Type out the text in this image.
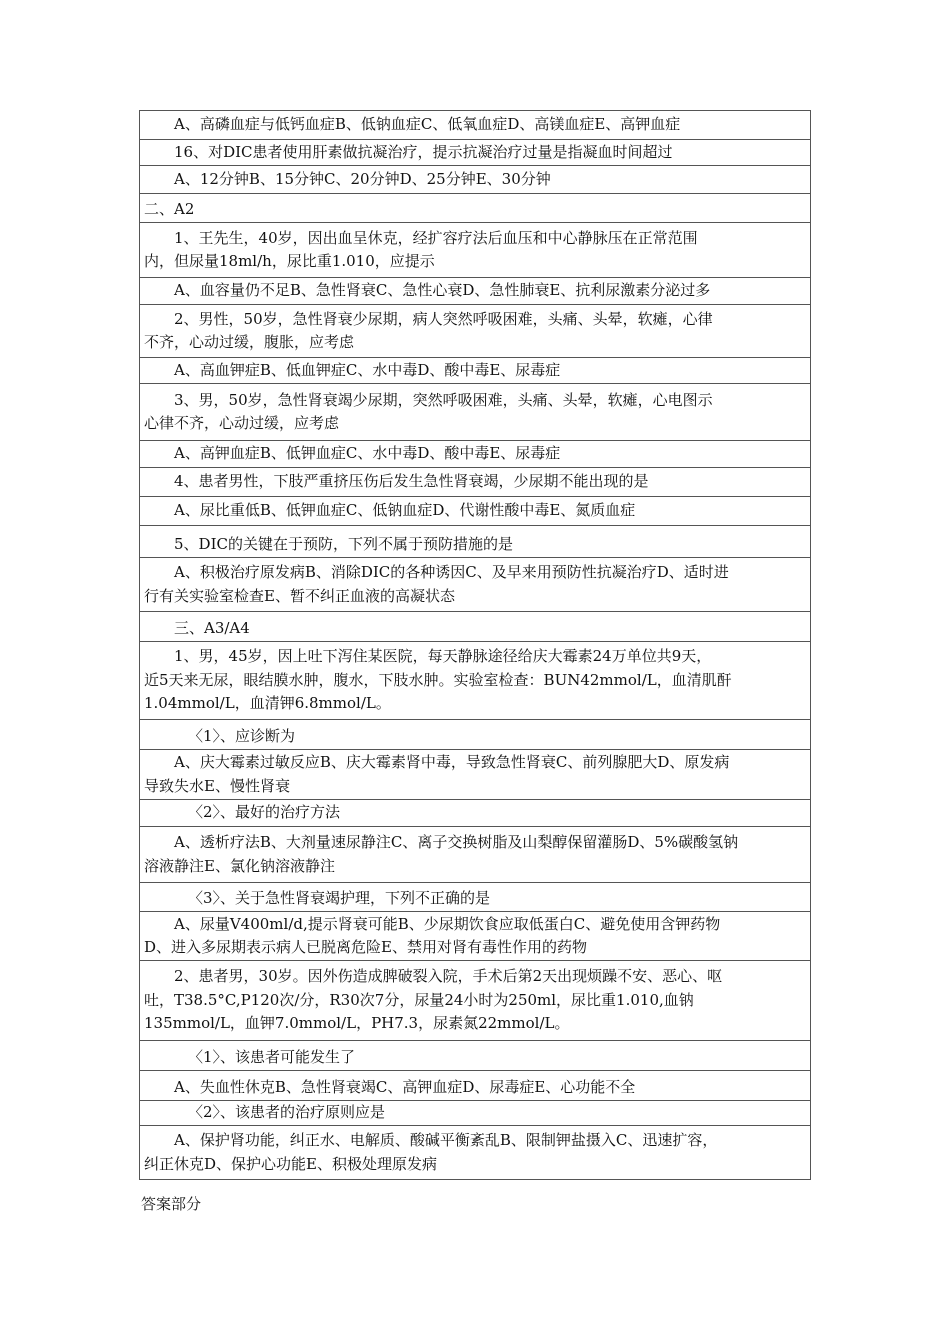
A、高磷血症与低钙血症B、低钠血症C、低氧血症D、高镁血症E、高钾血症
16、对DIC患者使用肝素做抗凝治疗，提示抗凝治疗过量是指凝血时间超过
A、12分钟B、15分钟C、20分钟D、25分钟E、30分钟
二、A2
1、王先生，40岁，因出血呈休克，经扩容疗法后血压和中心静脉压在正常范围
内，但尿量18ml/h，尿比重1.010，应提示
A、血容量仍不足B、急性肾衰C、急性心衰D、急性肺衰E、抗利尿激素分泌过多
2、男性，50岁，急性肾衰少尿期，病人突然呼吸困难，头痛、头晕，软瘫，心律
不齐，心动过缓，腹胀，应考虑
A、高血钾症B、低血钾症C、水中毒D、酸中毒E、尿毒症
3、男，50岁，急性肾衰竭少尿期，突然呼吸困难，头痛、头晕，软瘫，心电图示
心律不齐，心动过缓，应考虑
A、高钾血症B、低钾血症C、水中毒D、酸中毒E、尿毒症
4、患者男性，下肢严重挤压伤后发生急性肾衰竭，少尿期不能出现的是
A、尿比重低B、低钾血症C、低钠血症D、代谢性酸中毒E、氮质血症
5、DIC的关键在于预防，下列不属于预防措施的是
A、积极治疗原发病B、消除DIC的各种诱因C、及早来用预防性抗凝治疗D、适时进
行有关实验室检查E、暂不纠正血液的高凝状态
三、A3/A4
1、男，45岁，因上吐下泻住某医院，每天静脉途径给庆大霉素24万单位共9天，
近5天来无尿，眼结膜水肿，腹水，下肢水肿。实验室检查：BUN42mmol/L，血清肌酐
1.04mmol/L，血清钾6.8mmol/L。
〈1〉、应诊断为
A、庆大霉素过敏反应B、庆大霉素肾中毒，导致急性肾衰C、前列腺肥大D、原发病
导致失水E、慢性肾衰
〈2〉、最好的治疗方法
A、透析疗法B、大剂量速尿静注C、离子交换树脂及山梨醇保留灌肠D、5%碳酸氢钠
溶液静注E、氯化钠溶液静注
〈3〉、关于急性肾衰竭护理，下列不正确的是
A、尿量V400ml/d,提示肾衰可能B、少尿期饮食应取低蛋白C、避免使用含钾药物
D、进入多尿期表示病人已脱离危险E、禁用对肾有毒性作用的药物
2、患者男，30岁。因外伤造成脾破裂入院，手术后第2天出现烦躁不安、恶心、呕
吐，T38.5°C,P120次/分，R30次7分，尿量24小时为250ml，尿比重1.010,血钠
135mmol/L，血钾7.0mmol/L，PH7.3，尿素氮22mmol/L。
〈1〉、该患者可能发生了
A、失血性休克B、急性肾衰竭C、高钾血症D、尿毒症E、心功能不全
〈2〉、该患者的治疗原则应是
A、保护肾功能，纠正水、电解质、酸碱平衡紊乱B、限制钾盐摄入C、迅速扩容，
纠正休克D、保护心功能E、积极处理原发病
答案部分
